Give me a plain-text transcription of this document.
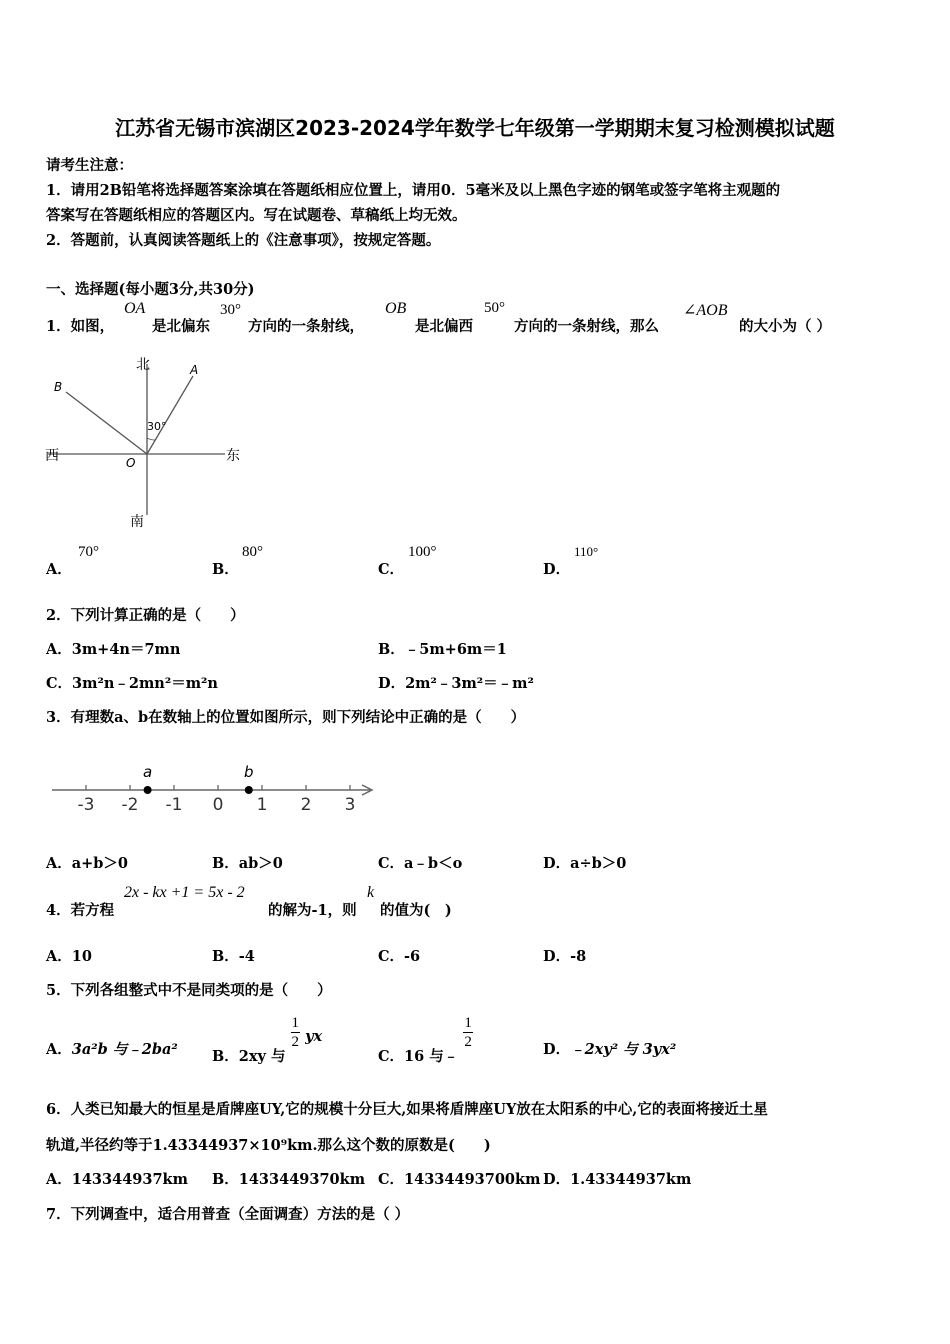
江苏省无锡市滨湖区2023-2024学年数学七年级第一学期期末复习检测模拟试题
请考生注意：
1．请用2B铅笔将选择题答案涂填在答题纸相应位置上，请用0．5毫米及以上黑色字迹的钢笔或签字笔将主观题的
答案写在答题纸相应的答题区内。写在试题卷、草稿纸上均无效。
2．答题前，认真阅读答题纸上的《注意事项》，按规定答题。
一、选择题(每小题3分,共30分)
1．如图，
OA
是北偏东
30°
方向的一条射线，
OB
是北偏西
50°
方向的一条射线，那么
∠AOB
的大小为（ ）
北
南
西	东
A
B
O
30°
A．
70°
B．
80°
C．
100°
D．
110°
2．下列计算正确的是（　　）
A．3m+4n＝7mn	B．﹣5m+6m＝1
C．3m²n﹣2mn²＝m²n	D．2m²﹣3m²＝﹣m²
3．有理数a、b在数轴上的位置如图所示，则下列结论中正确的是（　　）
-3 -2 -1 0 1 2 3
a	b
A．a+b＞0	B．ab＞0	C．a﹣b＜o	D．a÷b＞0
4．若方程
2x - kx +1 = 5x - 2
的解为-1，则
k
的值为(　)
A．10	B．-4	C．-6	D．-8
5．下列各组整式中不是同类项的是（　　）
A．3a²b 与﹣2ba² B．2xy 与
$\frac{1}{2}$ yx
C．16 与﹣
$\frac{1}{2}$	D．﹣2xy² 与 3yx²
6．人类已知最大的恒星是盾牌座UY,它的规模十分巨大,如果将盾牌座UY放在太阳系的中心,它的表面将接近土星
轨道,半径约等于1.43344937×10⁹km.那么这个数的原数是(　　)
A．143344937km B．1433449370km C．14334493700km D．1.43344937km
7．下列调查中，适合用普查（全面调查）方法的是（ ）
